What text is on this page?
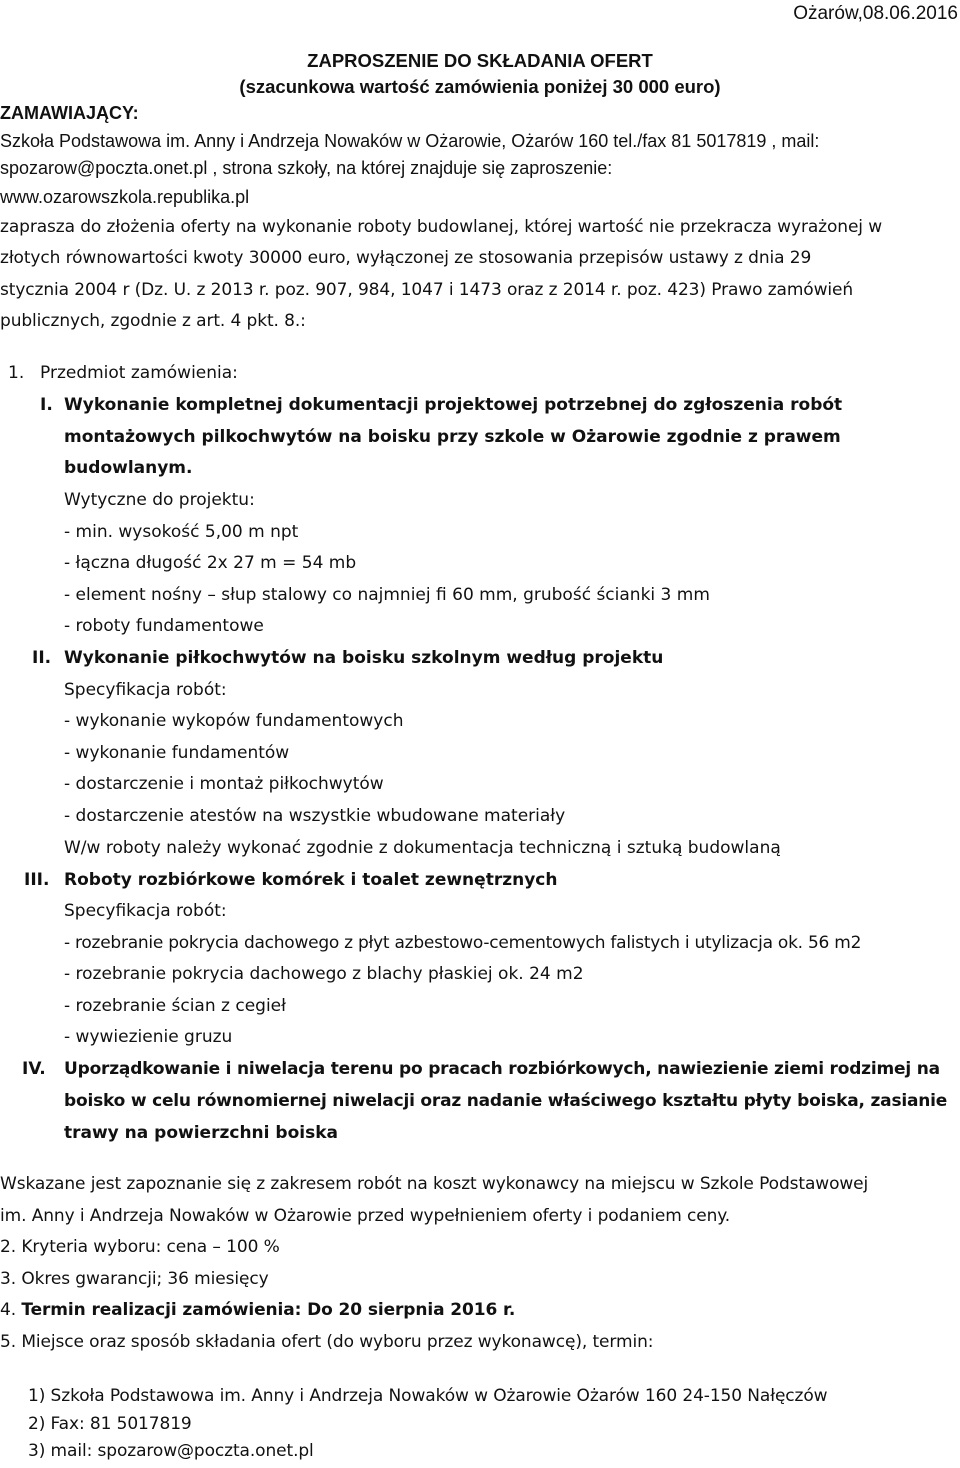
Ożarów,08.06.2016
ZAPROSZENIE DO SKŁADANIA OFERT
(szacunkowa wartość zamówienia poniżej 30 000 euro)
ZAMAWIAJĄCY:
Szkoła Podstawowa im. Anny i Andrzeja Nowaków w Ożarowie, Ożarów 160 tel./fax 81 5017819 , mail:
spozarow@poczta.onet.pl , strona szkoły, na której znajduje się zaproszenie:
www.ozarowszkola.republika.pl
zaprasza do złożenia oferty na wykonanie roboty budowlanej, której wartość nie przekracza wyrażonej w
złotych równowartości kwoty 30000 euro, wyłączonej ze stosowania przepisów ustawy z dnia 29
stycznia 2004 r (Dz. U. z 2013 r. poz. 907, 984, 1047 i 1473 oraz z 2014 r. poz. 423) Prawo zamówień
publicznych, zgodnie z art. 4 pkt. 8.:
1. Przedmiot zamówienia:
I. Wykonanie kompletnej dokumentacji projektowej potrzebnej do zgłoszenia robót
montażowych pilkochwytów na boisku przy szkole w Ożarowie zgodnie z prawem
budowlanym.
Wytyczne do projektu:
- min. wysokość 5,00 m npt
- łączna długość 2x 27 m = 54 mb
- element nośny – słup stalowy co najmniej fi 60 mm, grubość ścianki 3 mm
- roboty fundamentowe
II. Wykonanie piłkochwytów na boisku szkolnym według projektu
Specyfikacja robót:
- wykonanie wykopów fundamentowych
- wykonanie fundamentów
- dostarczenie i montaż piłkochwytów
- dostarczenie atestów na wszystkie wbudowane materiały
W/w roboty należy wykonać zgodnie z dokumentacja techniczną i sztuką budowlaną
III. Roboty rozbiórkowe komórek i toalet zewnętrznych
Specyfikacja robót:
- rozebranie pokrycia dachowego z płyt azbestowo-cementowych falistych i utylizacja ok. 56 m2
- rozebranie pokrycia dachowego z blachy płaskiej ok. 24 m2
- rozebranie ścian z cegieł
- wywiezienie gruzu
IV. Uporządkowanie i niwelacja terenu po pracach rozbiórkowych, nawiezienie ziemi rodzimej na
boisko w celu równomiernej niwelacji oraz nadanie właściwego kształtu płyty boiska, zasianie
trawy na powierzchni boiska
Wskazane jest zapoznanie się z zakresem robót na koszt wykonawcy na miejscu w Szkole Podstawowej
im. Anny i Andrzeja Nowaków w Ożarowie przed wypełnieniem oferty i podaniem ceny.
2. Kryteria wyboru: cena – 100 %
3. Okres gwarancji; 36 miesięcy
4. Termin realizacji zamówienia: Do 20 sierpnia 2016 r.
5. Miejsce oraz sposób składania ofert (do wyboru przez wykonawcę), termin:
1) Szkoła Podstawowa im. Anny i Andrzeja Nowaków w Ożarowie Ożarów 160 24-150 Nałęczów
2) Fax: 81 5017819
3) mail: spozarow@poczta.onet.pl
